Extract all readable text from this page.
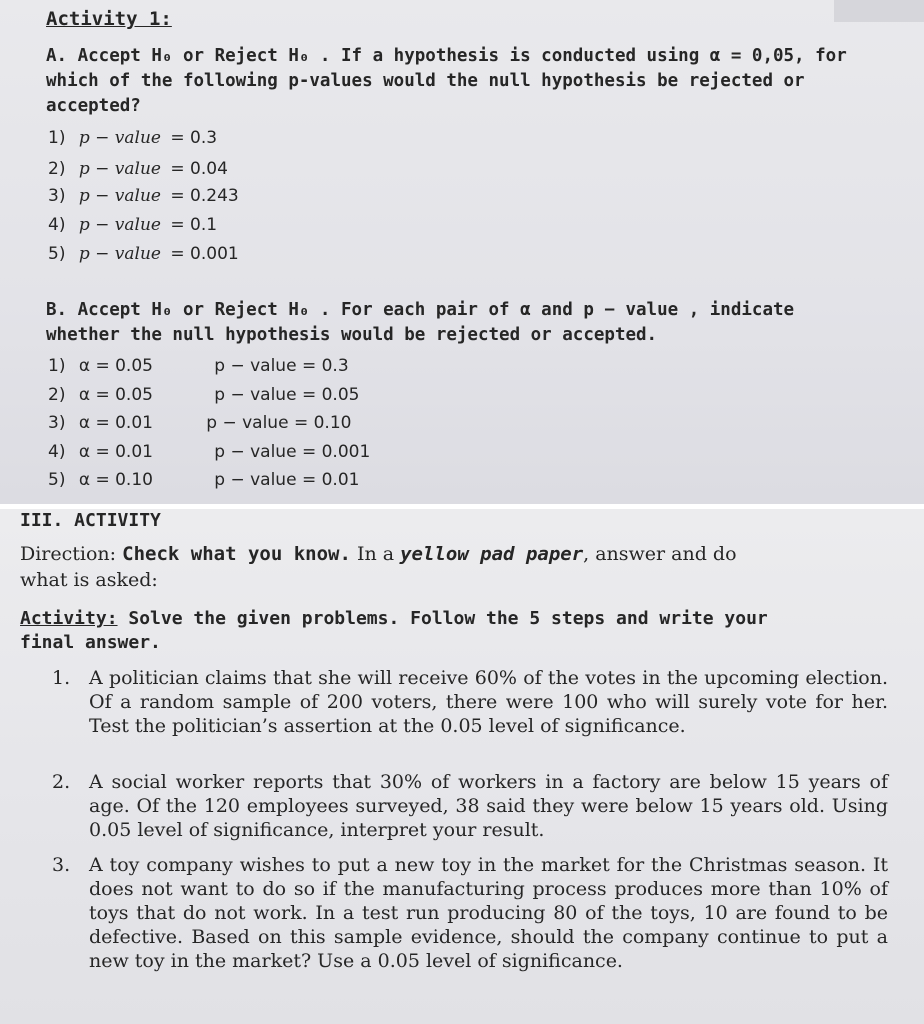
Activity 1:
A. Accept H₀ or Reject H₀ . If a hypothesis is conducted using α = 0,05, for
which of the following p-values would the null hypothesis be rejected or
accepted?
1) p − value = 0.3
2) p − value = 0.04
3) p − value = 0.243
4) p − value = 0.1
5) p − value = 0.001
B. Accept H₀ or Reject H₀ . For each pair of α and p − value , indicate
whether the null hypothesis would be rejected or accepted.
1) α = 0.05	p − value = 0.3
2) α = 0.05	p − value = 0.05
3) α = 0.01	p − value = 0.10
4) α = 0.01	p − value = 0.001
5) α = 0.10	p − value = 0.01
III. ACTIVITY
Direction: Check what you know. In a yellow pad paper, answer and do
what is asked:
Activity: Solve the given problems. Follow the 5 steps and write your
final answer.
1. A politician claims that she will receive 60% of the votes in the upcoming election. Of a random sample of 200 voters, there were 100 who will surely vote for her. Test the politician’s assertion at the 0.05 level of significance.
2. A social worker reports that 30% of workers in a factory are below 15 years of age. Of the 120 employees surveyed, 38 said they were below 15 years old. Using 0.05 level of significance, interpret your result.
3. A toy company wishes to put a new toy in the market for the Christmas season. It does not want to do so if the manufacturing process produces more than 10% of toys that do not work. In a test run producing 80 of the toys, 10 are found to be defective. Based on this sample evidence, should the company continue to put a new toy in the market? Use a 0.05 level of significance.
